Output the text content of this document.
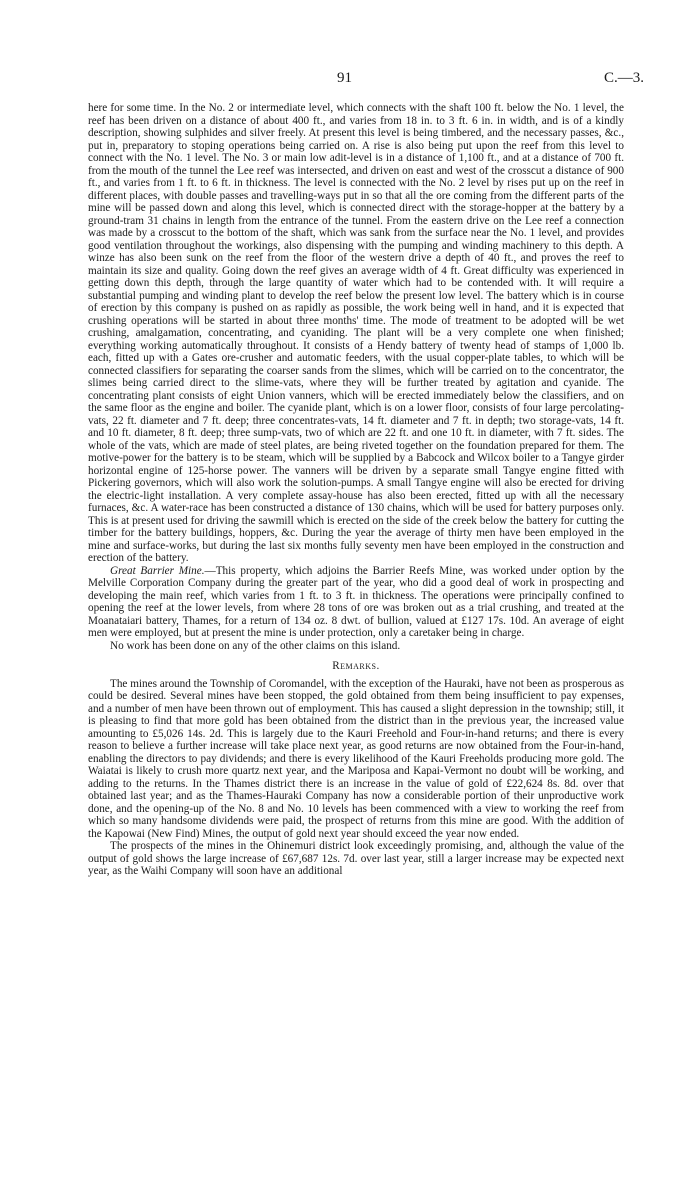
91	C.—3.

here for some time. In the No. 2 or intermediate level, which connects with the shaft 100 ft. below the No. 1 level, the reef has been driven on a distance of about 400 ft., and varies from 18 in. to 3 ft. 6 in. in width, and is of a kindly description, showing sulphides and silver freely. At present this level is being timbered, and the necessary passes, &c., put in, preparatory to stoping operations being carried on. A rise is also being put upon the reef from this level to connect with the No. 1 level. The No. 3 or main low adit-level is in a distance of 1,100 ft., and at a distance of 700 ft. from the mouth of the tunnel the Lee reef was intersected, and driven on east and west of the crosscut a distance of 900 ft., and varies from 1 ft. to 6 ft. in thickness. The level is connected with the No. 2 level by rises put up on the reef in different places, with double passes and travelling-ways put in so that all the ore coming from the different parts of the mine will be passed down and along this level, which is connected direct with the storage-hopper at the battery by a ground-tram 31 chains in length from the entrance of the tunnel. From the eastern drive on the Lee reef a connection was made by a crosscut to the bottom of the shaft, which was sank from the surface near the No. 1 level, and provides good ventilation throughout the workings, also dispensing with the pumping and winding machinery to this depth. A winze has also been sunk on the reef from the floor of the western drive a depth of 40 ft., and proves the reef to maintain its size and quality. Going down the reef gives an average width of 4 ft. Great difficulty was experienced in getting down this depth, through the large quantity of water which had to be contended with. It will require a substantial pumping and winding plant to develop the reef below the present low level. The battery which is in course of erection by this company is pushed on as rapidly as possible, the work being well in hand, and it is expected that crushing operations will be started in about three months' time. The mode of treatment to be adopted will be wet crushing, amalgamation, concentrating, and cyaniding. The plant will be a very complete one when finished; everything working automatically throughout. It consists of a Hendy battery of twenty head of stamps of 1,000 lb. each, fitted up with a Gates ore-crusher and automatic feeders, with the usual copper-plate tables, to which will be connected classifiers for separating the coarser sands from the slimes, which will be carried on to the concentrator, the slimes being carried direct to the slime-vats, where they will be further treated by agitation and cyanide. The concentrating plant consists of eight Union vanners, which will be erected immediately below the classifiers, and on the same floor as the engine and boiler. The cyanide plant, which is on a lower floor, consists of four large percolating-vats, 22 ft. diameter and 7 ft. deep; three concentrates-vats, 14 ft. diameter and 7 ft. in depth; two storage-vats, 14 ft. and 10 ft. diameter, 8 ft. deep; three sump-vats, two of which are 22 ft. and one 10 ft. in diameter, with 7 ft. sides. The whole of the vats, which are made of steel plates, are being riveted together on the foundation prepared for them. The motive-power for the battery is to be steam, which will be supplied by a Babcock and Wilcox boiler to a Tangye girder horizontal engine of 125-horse power. The vanners will be driven by a separate small Tangye engine fitted with Pickering governors, which will also work the solution-pumps. A small Tangye engine will also be erected for driving the electric-light installation. A very complete assay-house has also been erected, fitted up with all the necessary furnaces, &c. A water-race has been constructed a distance of 130 chains, which will be used for battery purposes only. This is at present used for driving the sawmill which is erected on the side of the creek below the battery for cutting the timber for the battery buildings, hoppers, &c. During the year the average of thirty men have been employed in the mine and surface-works, but during the last six months fully seventy men have been employed in the construction and erection of the battery.

Great Barrier Mine.—This property, which adjoins the Barrier Reefs Mine, was worked under option by the Melville Corporation Company during the greater part of the year, who did a good deal of work in prospecting and developing the main reef, which varies from 1 ft. to 3 ft. in thickness. The operations were principally confined to opening the reef at the lower levels, from where 28 tons of ore was broken out as a trial crushing, and treated at the Moanataiari battery, Thames, for a return of 134 oz. 8 dwt. of bullion, valued at £127 17s. 10d. An average of eight men were employed, but at present the mine is under protection, only a caretaker being in charge.

No work has been done on any of the other claims on this island.

Remarks.

The mines around the Township of Coromandel, with the exception of the Hauraki, have not been as prosperous as could be desired. Several mines have been stopped, the gold obtained from them being insufficient to pay expenses, and a number of men have been thrown out of employment. This has caused a slight depression in the township; still, it is pleasing to find that more gold has been obtained from the district than in the previous year, the increased value amounting to £5,026 14s. 2d. This is largely due to the Kauri Freehold and Four-in-hand returns; and there is every reason to believe a further increase will take place next year, as good returns are now obtained from the Four-in-hand, enabling the directors to pay dividends; and there is every likelihood of the Kauri Freeholds producing more gold. The Waiatai is likely to crush more quartz next year, and the Mariposa and Kapai-Vermont no doubt will be working, and adding to the returns. In the Thames district there is an increase in the value of gold of £22,624 8s. 8d. over that obtained last year; and as the Thames-Hauraki Company has now a considerable portion of their unproductive work done, and the opening-up of the No. 8 and No. 10 levels has been commenced with a view to working the reef from which so many handsome dividends were paid, the prospect of returns from this mine are good. With the addition of the Kapowai (New Find) Mines, the output of gold next year should exceed the year now ended.

The prospects of the mines in the Ohinemuri district look exceedingly promising, and, although the value of the output of gold shows the large increase of £67,687 12s. 7d. over last year, still a larger increase may be expected next year, as the Waihi Company will soon have an additional
